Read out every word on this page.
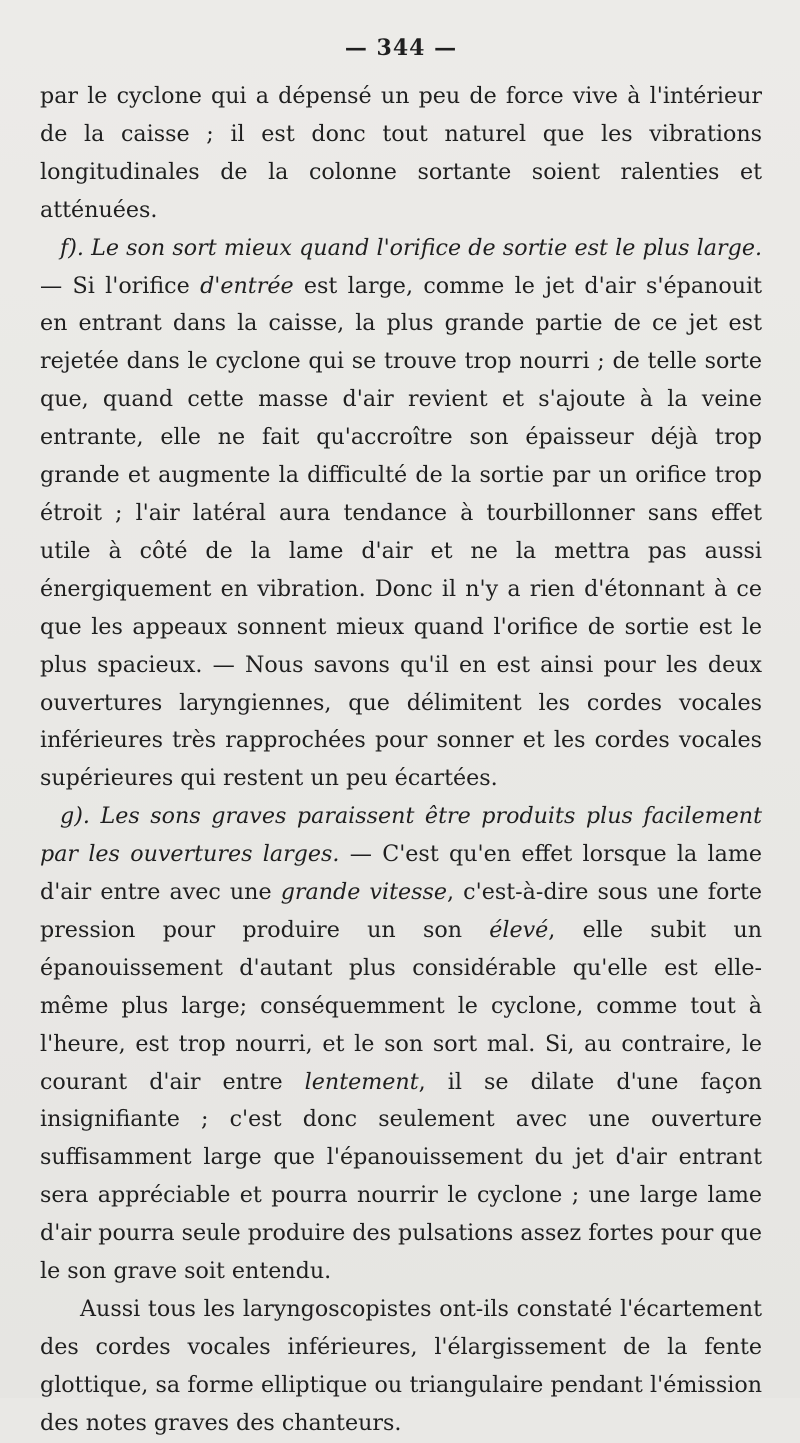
— 344 —

par le cyclone qui a dépensé un peu de force vive à l'intérieur de la caisse ; il est donc tout naturel que les vibrations longitudinales de la colonne sortante soient ralenties et atténuées.

f). Le son sort mieux quand l'orifice de sortie est le plus large. — Si l'orifice d'entrée est large, comme le jet d'air s'épanouit en entrant dans la caisse, la plus grande partie de ce jet est rejetée dans le cyclone qui se trouve trop nourri ; de telle sorte que, quand cette masse d'air revient et s'ajoute à la veine entrante, elle ne fait qu'accroître son épaisseur déjà trop grande et augmente la difficulté de la sortie par un orifice trop étroit ; l'air latéral aura tendance à tourbillonner sans effet utile à côté de la lame d'air et ne la mettra pas aussi énergiquement en vibration. Donc il n'y a rien d'étonnant à ce que les appeaux sonnent mieux quand l'orifice de sortie est le plus spacieux. — Nous savons qu'il en est ainsi pour les deux ouvertures laryngiennes, que délimitent les cordes vocales inférieures très rapprochées pour sonner et les cordes vocales supérieures qui restent un peu écartées.

g). Les sons graves paraissent être produits plus facilement par les ouvertures larges. — C'est qu'en effet lorsque la lame d'air entre avec une grande vitesse, c'est-à-dire sous une forte pression pour produire un son élevé, elle subit un épanouissement d'autant plus considérable qu'elle est elle-même plus large; conséquemment le cyclone, comme tout à l'heure, est trop nourri, et le son sort mal. Si, au contraire, le courant d'air entre lentement, il se dilate d'une façon insignifiante ; c'est donc seulement avec une ouverture suffisamment large que l'épanouissement du jet d'air entrant sera appréciable et pourra nourrir le cyclone ; une large lame d'air pourra seule produire des pulsations assez fortes pour que le son grave soit entendu.

Aussi tous les laryngoscopistes ont-ils constaté l'écartement des cordes vocales inférieures, l'élargissement de la fente glottique, sa forme elliptique ou triangulaire pendant l'émission des notes graves des chanteurs.
